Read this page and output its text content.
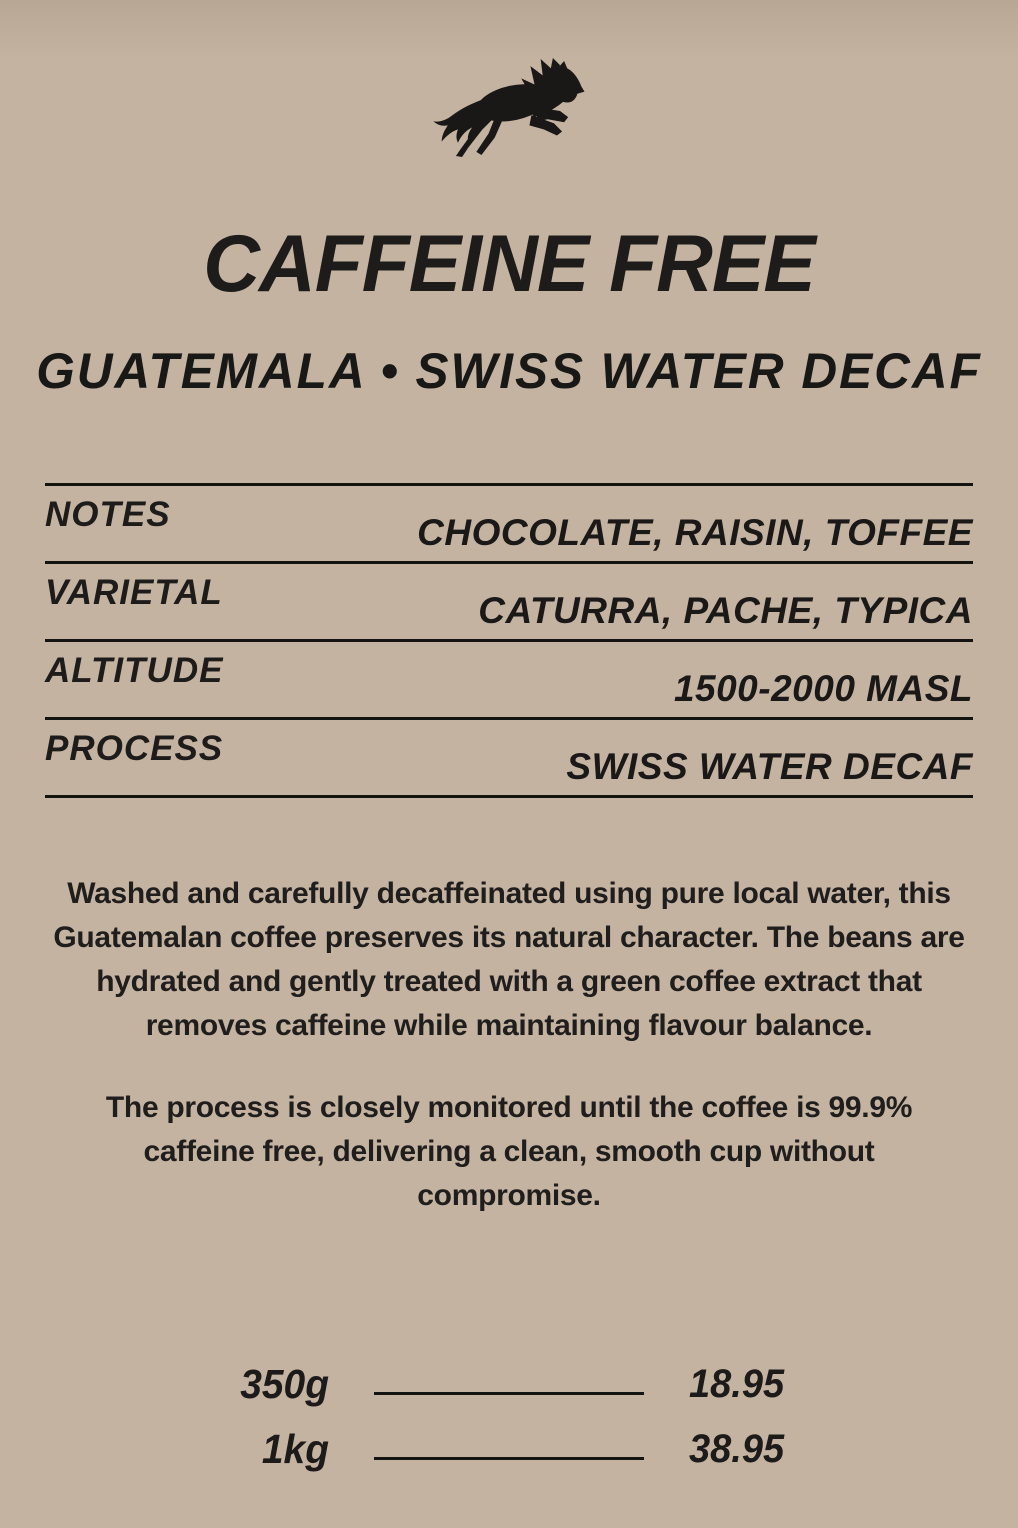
CAFFEINE FREE
GUATEMALA • SWISS WATER DECAF
NOTES	CHOCOLATE, RAISIN, TOFFEE
VARIETAL	CATURRA, PACHE, TYPICA
ALTITUDE	1500-2000 MASL
PROCESS	SWISS WATER DECAF

Washed and carefully decaffeinated using pure local water, this Guatemalan coffee preserves its natural character. The beans are hydrated and gently treated with a green coffee extract that removes caffeine while maintaining flavour balance.

The process is closely monitored until the coffee is 99.9% caffeine free, delivering a clean, smooth cup without compromise.

350g	18.95
1kg	38.95
